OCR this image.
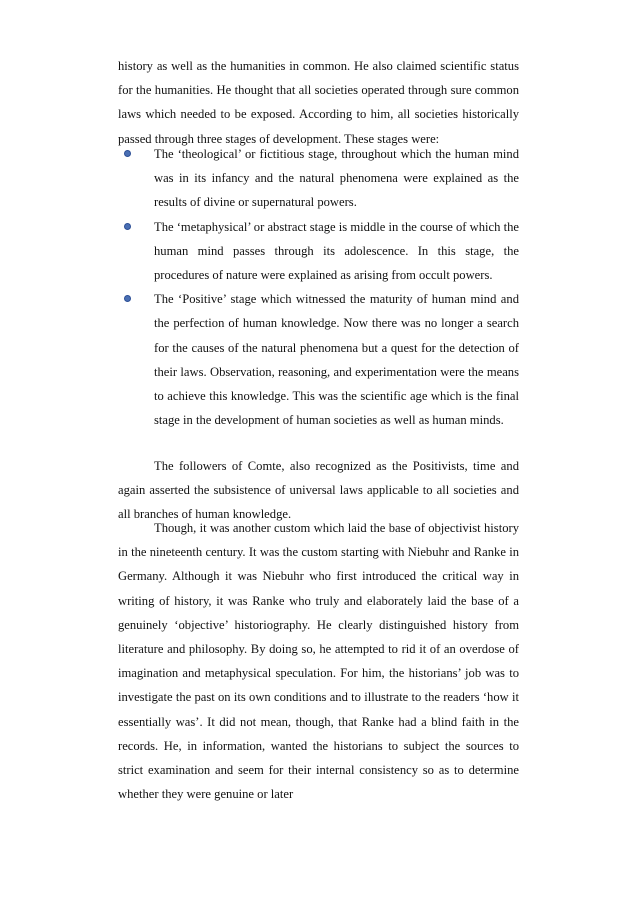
history as well as the humanities in common. He also claimed scientific status for the humanities. He thought that all societies operated through sure common laws which needed to be exposed. According to him, all societies historically passed through three stages of development. These stages were:

The ‘theological’ or fictitious stage, throughout which the human mind was in its infancy and the natural phenomena were explained as the results of divine or supernatural powers.
The ‘metaphysical’ or abstract stage is middle in the course of which the human mind passes through its adolescence. In this stage, the procedures of nature were explained as arising from occult powers.
The ‘Positive’ stage which witnessed the maturity of human mind and the perfection of human knowledge. Now there was no longer a search for the causes of the natural phenomena but a quest for the detection of their laws. Observation, reasoning, and experimentation were the means to achieve this knowledge. This was the scientific age which is the final stage in the development of human societies as well as human minds.

The followers of Comte, also recognized as the Positivists, time and again asserted the subsistence of universal laws applicable to all societies and all branches of human knowledge.

Though, it was another custom which laid the base of objectivist history in the nineteenth century. It was the custom starting with Niebuhr and Ranke in Germany. Although it was Niebuhr who first introduced the critical way in writing of history, it was Ranke who truly and elaborately laid the base of a genuinely ‘objective’ historiography. He clearly distinguished history from literature and philosophy. By doing so, he attempted to rid it of an overdose of imagination and metaphysical speculation. For him, the historians’ job was to investigate the past on its own conditions and to illustrate to the readers ‘how it essentially was’. It did not mean, though, that Ranke had a blind faith in the records. He, in information, wanted the historians to subject the sources to strict examination and seem for their internal consistency so as to determine whether they were genuine or later
